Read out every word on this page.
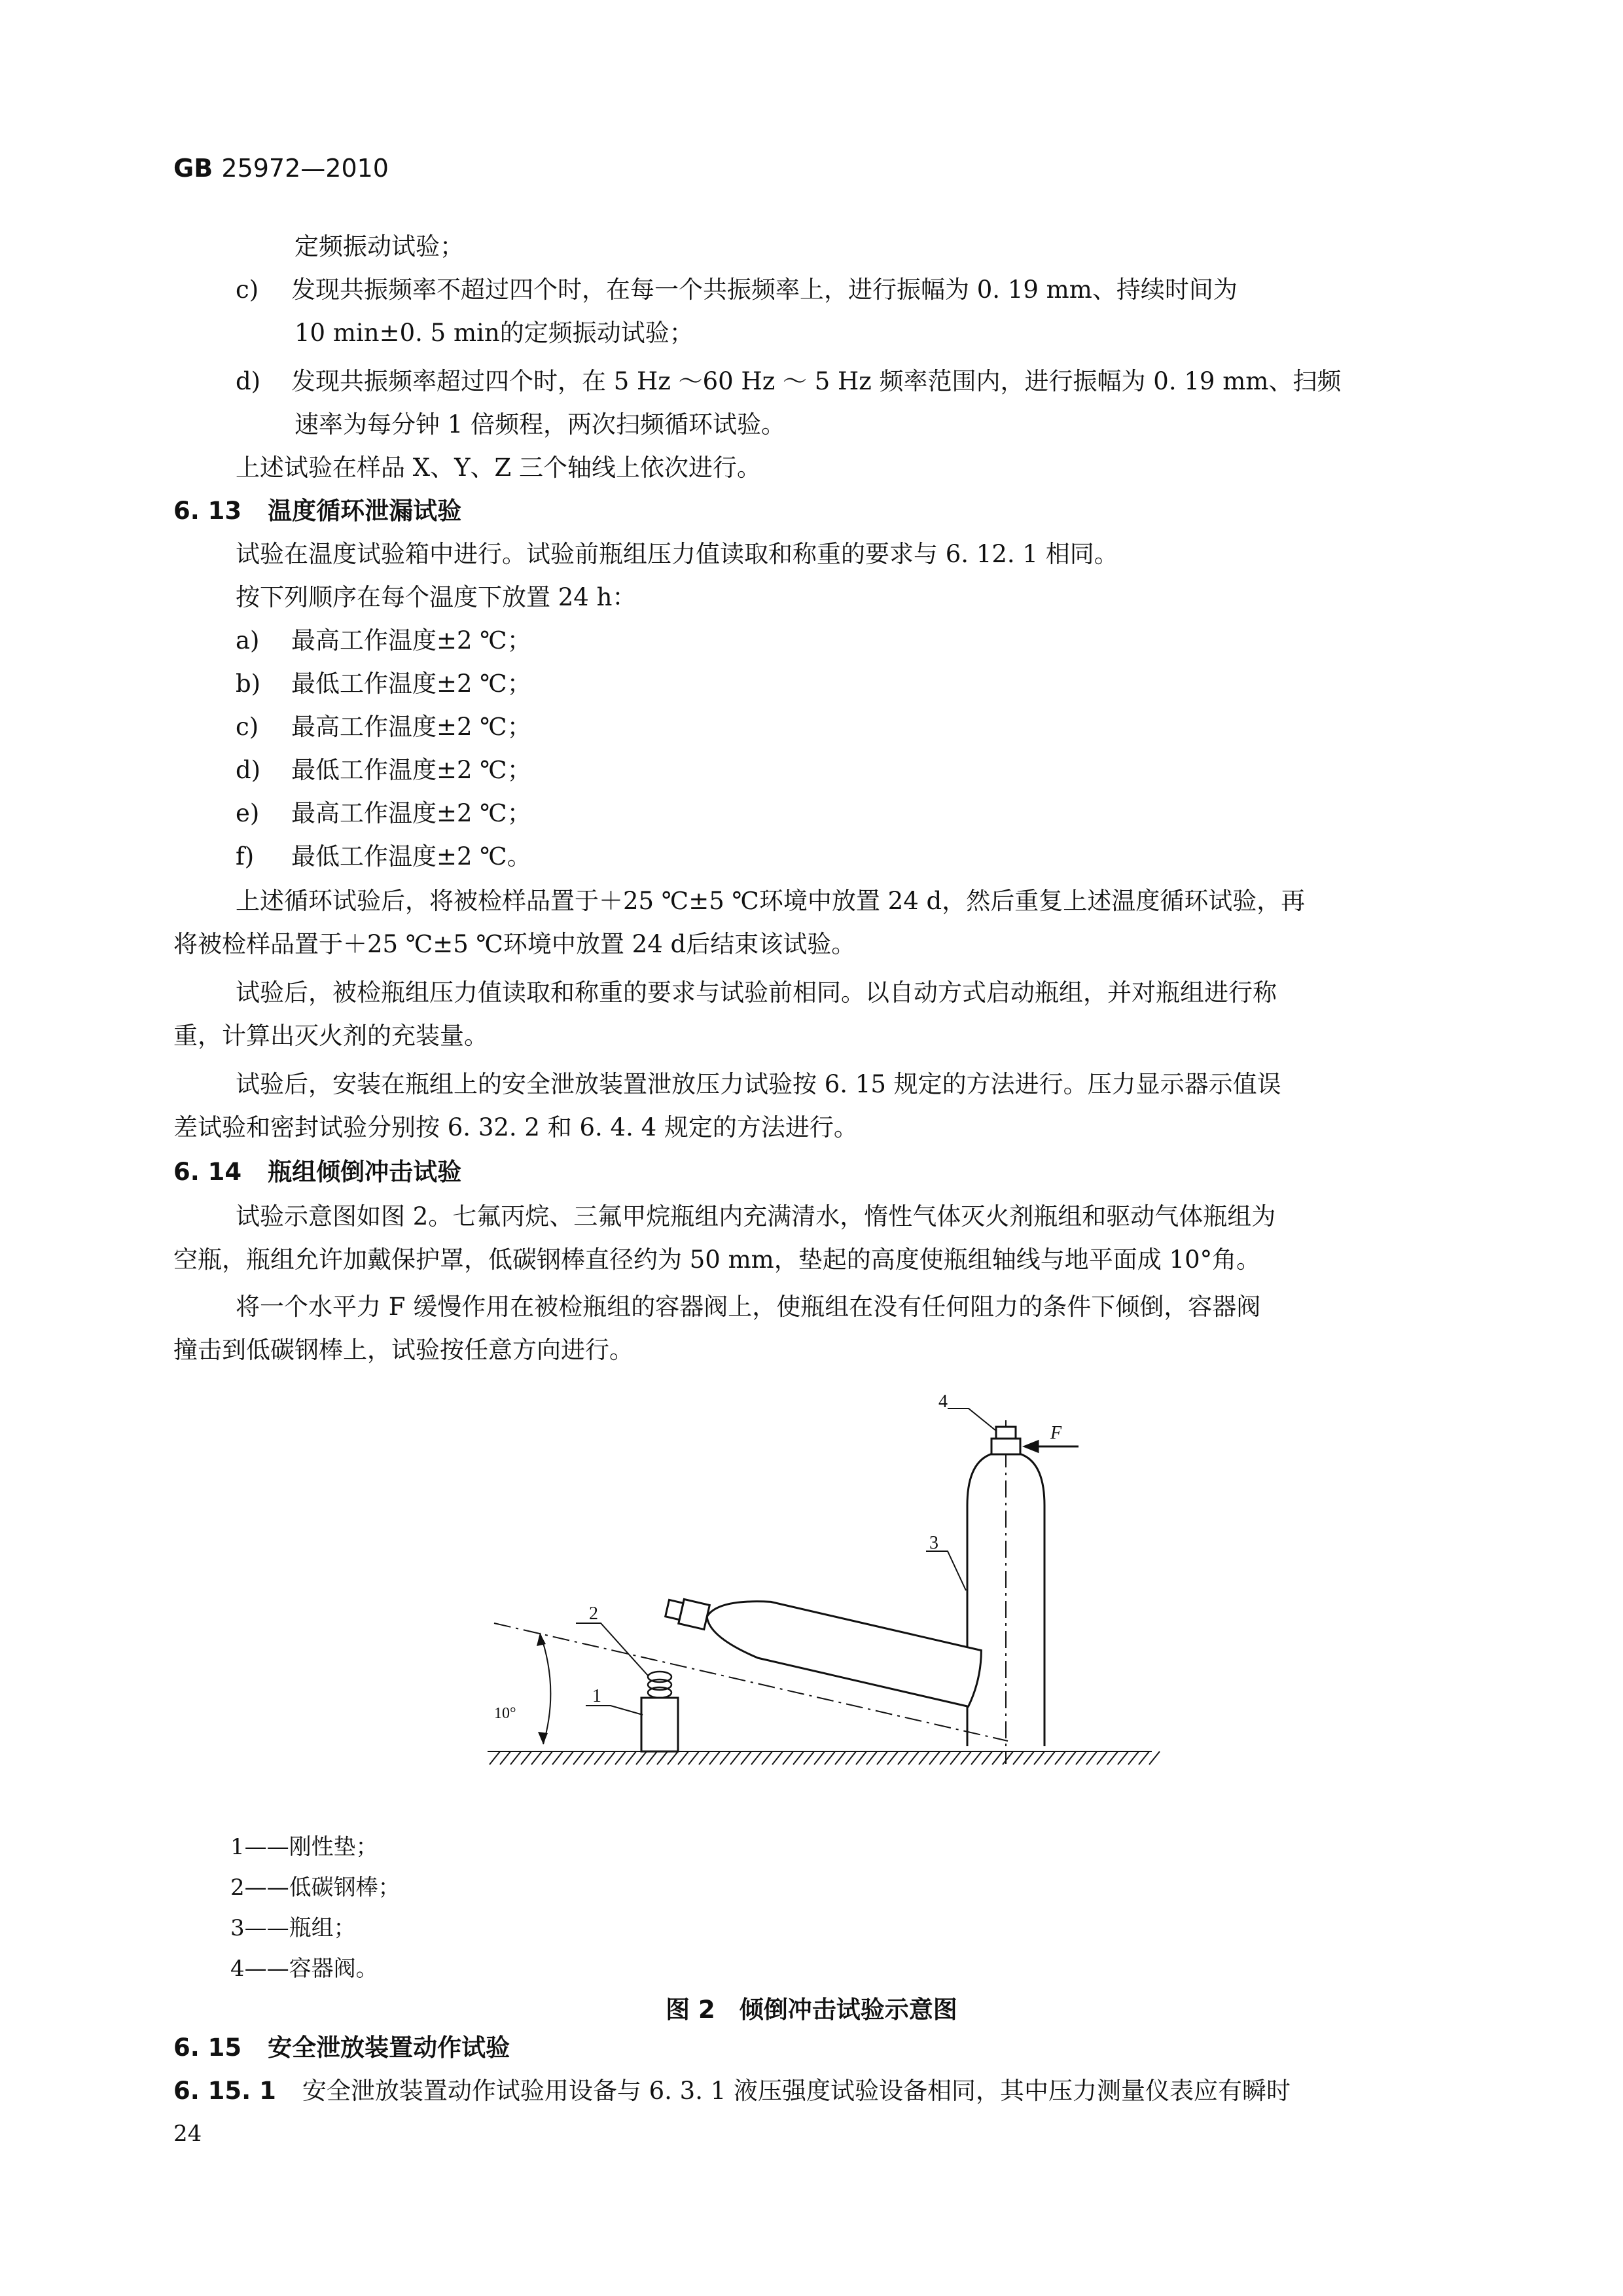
GB 25972—2010
定频振动试验；
c) 发现共振频率不超过四个时，在每一个共振频率上，进行振幅为 0. 19 mm、持续时间为
10 min±0. 5 min的定频振动试验；
d) 发现共振频率超过四个时，在 5 Hz ～60 Hz ～ 5 Hz 频率范围内，进行振幅为 0. 19 mm、扫频
速率为每分钟 1 倍频程，两次扫频循环试验。
上述试验在样品 X、Y、Z 三个轴线上依次进行。
6. 13 温度循环泄漏试验
试验在温度试验箱中进行。试验前瓶组压力值读取和称重的要求与 6. 12. 1 相同。
按下列顺序在每个温度下放置 24 h：
a) 最高工作温度±2 ℃；
b) 最低工作温度±2 ℃；
c) 最高工作温度±2 ℃；
d) 最低工作温度±2 ℃；
e) 最高工作温度±2 ℃；
f) 最低工作温度±2 ℃。
上述循环试验后，将被检样品置于＋25 ℃±5 ℃环境中放置 24 d，然后重复上述温度循环试验，再
将被检样品置于＋25 ℃±5 ℃环境中放置 24 d后结束该试验。
试验后，被检瓶组压力值读取和称重的要求与试验前相同。以自动方式启动瓶组，并对瓶组进行称
重，计算出灭火剂的充装量。
试验后，安装在瓶组上的安全泄放装置泄放压力试验按 6. 15 规定的方法进行。压力显示器示值误
差试验和密封试验分别按 6. 32. 2 和 6. 4. 4 规定的方法进行。
6. 14 瓶组倾倒冲击试验
试验示意图如图 2。七氟丙烷、三氟甲烷瓶组内充满清水，惰性气体灭火剂瓶组和驱动气体瓶组为
空瓶，瓶组允许加戴保护罩，低碳钢棒直径约为 50 mm，垫起的高度使瓶组轴线与地平面成 10°角。
将一个水平力 F 缓慢作用在被检瓶组的容器阀上，使瓶组在没有任何阻力的条件下倾倒，容器阀
撞击到低碳钢棒上，试验按任意方向进行。
4
F
3
2
1
10°
1——刚性垫；
2——低碳钢棒；
3——瓶组；
4——容器阀。
图 2　倾倒冲击试验示意图
6. 15 安全泄放装置动作试验
6. 15. 1 安全泄放装置动作试验用设备与 6. 3. 1 液压强度试验设备相同，其中压力测量仪表应有瞬时
24
